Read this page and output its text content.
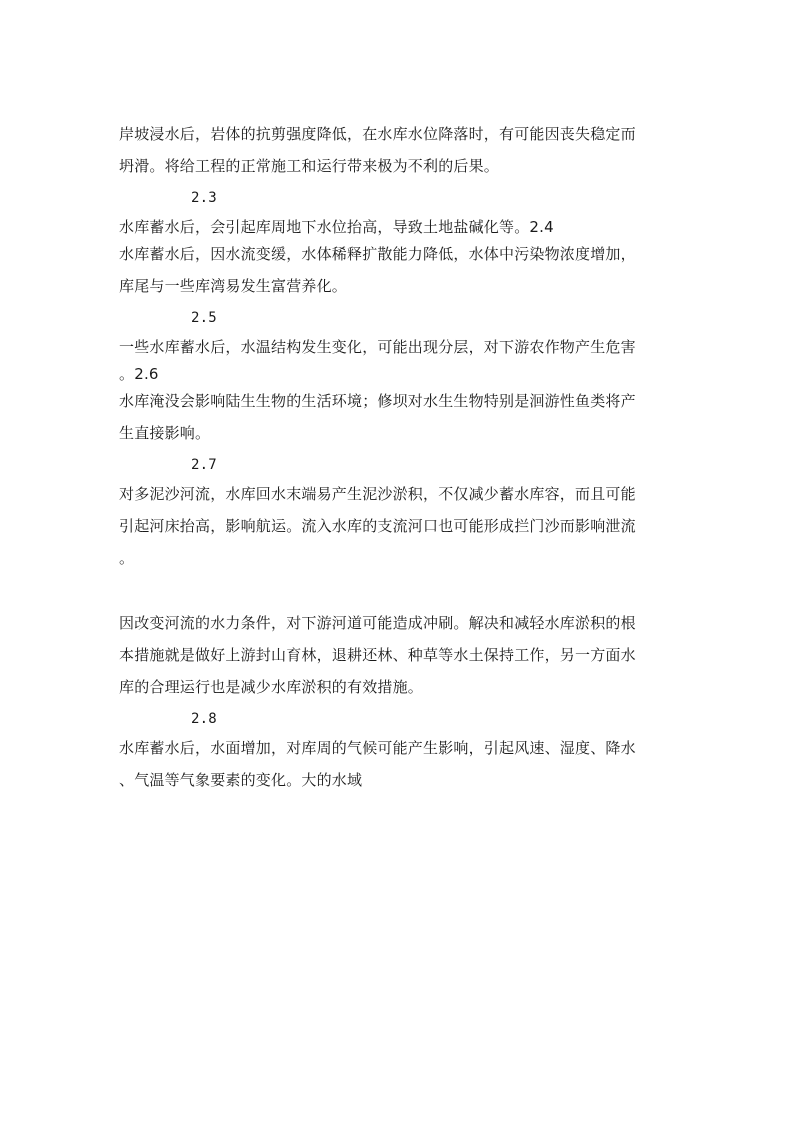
岸坡浸水后，岩体的抗剪强度降低，在水库水位降落时，有可能因丧失稳定而
坍滑。将给工程的正常施工和运行带来极为不利的后果。
2.3
水库蓄水后，会引起库周地下水位抬高，导致土地盐碱化等。2.4
水库蓄水后，因水流变缓，水体稀释扩散能力降低，水体中污染物浓度增加，
库尾与一些库湾易发生富营养化。
2.5
一些水库蓄水后，水温结构发生变化，可能出现分层，对下游农作物产生危害
。2.6
水库淹没会影响陆生生物的生活环境；修坝对水生生物特别是洄游性鱼类将产
生直接影响。
2.7
对多泥沙河流，水库回水末端易产生泥沙淤积，不仅减少蓄水库容，而且可能
引起河床抬高，影响航运。流入水库的支流河口也可能形成拦门沙而影响泄流
。
因改变河流的水力条件，对下游河道可能造成冲刷。解决和减轻水库淤积的根
本措施就是做好上游封山育林，退耕还林、种草等水土保持工作，另一方面水
库的合理运行也是减少水库淤积的有效措施。
2.8
水库蓄水后，水面增加，对库周的气候可能产生影响，引起风速、湿度、降水
、气温等气象要素的变化。大的水域
